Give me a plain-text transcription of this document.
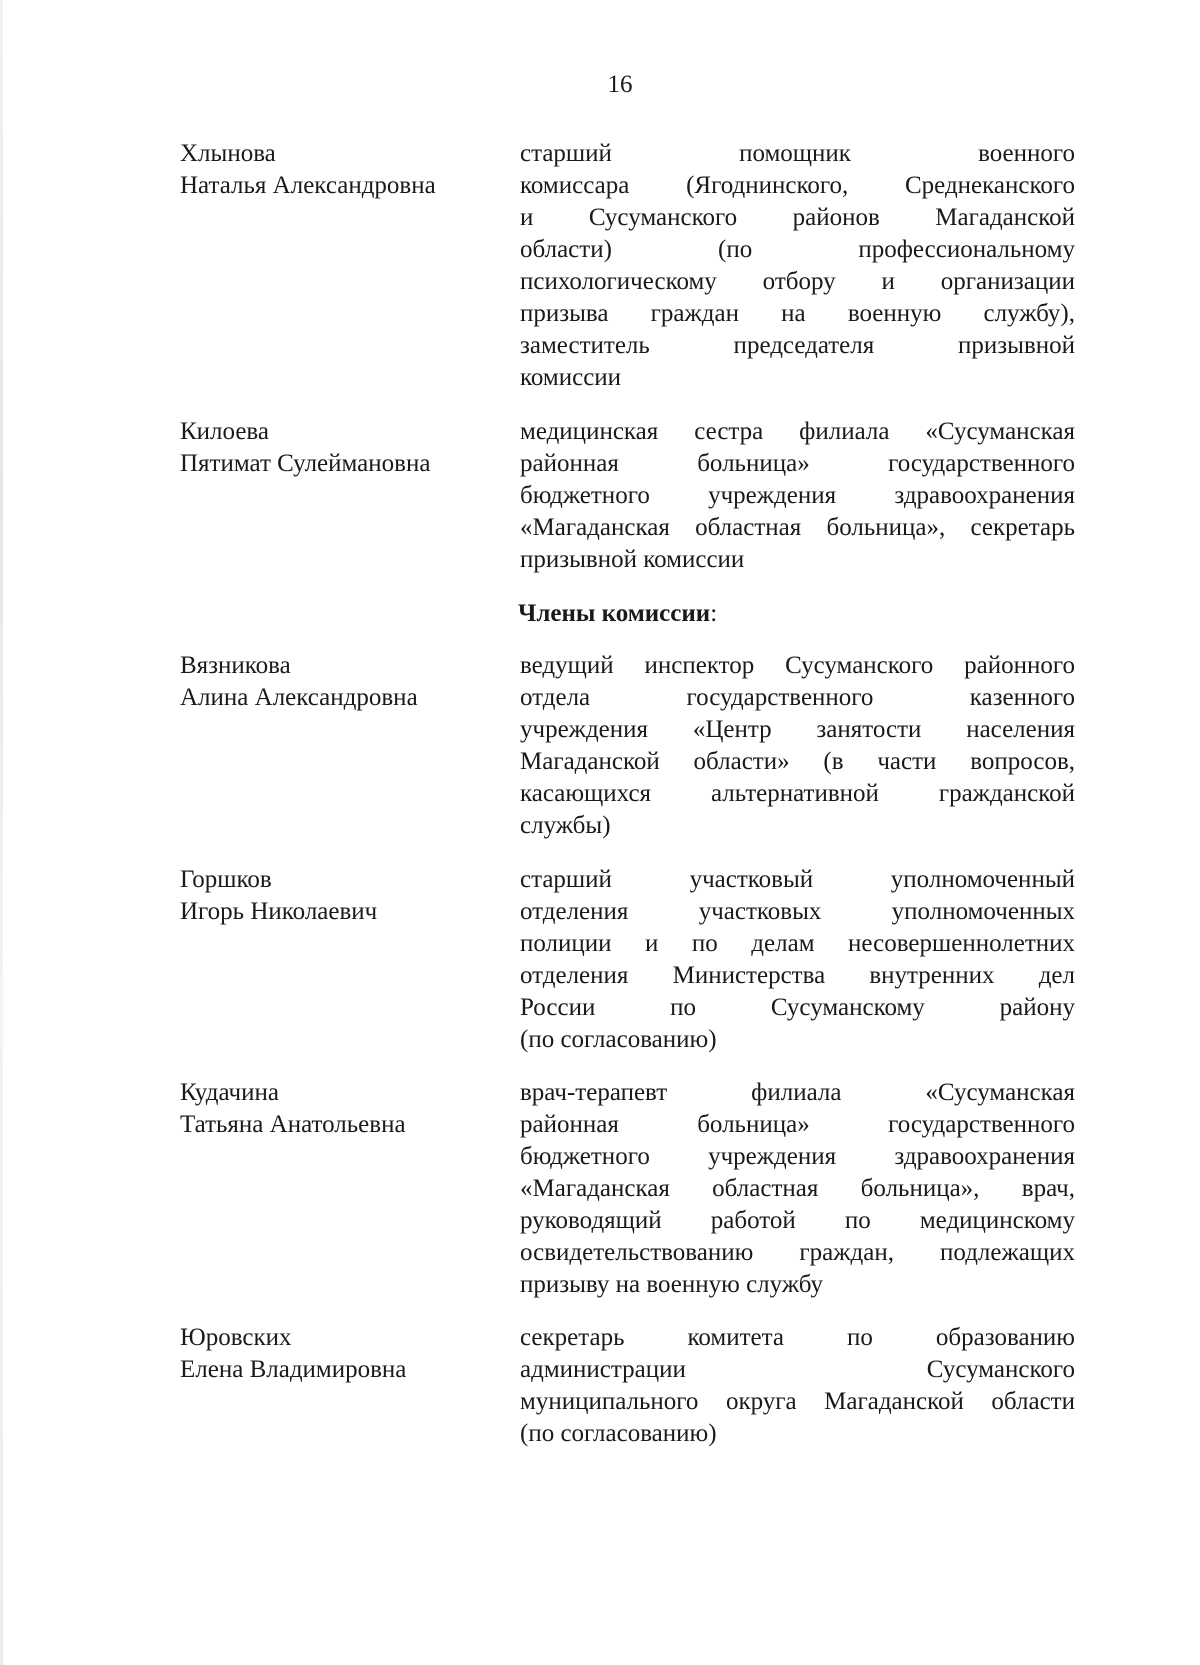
16
Хлынова
Наталья Александровна
старший помощник военного
комиссара (Ягоднинского, Среднеканского
и Сусуманского районов Магаданской
области) (по профессиональному
психологическому отбору и организации
призыва граждан на военную службу),
заместитель председателя призывной
комиссии
Килоева
Пятимат Сулеймановна
медицинская сестра филиала «Сусуманская
районная больница» государственного
бюджетного учреждения здравоохранения
«Магаданская областная больница», секретарь
призывной комиссии
Члены комиссии:
Вязникова
Алина Александровна
ведущий инспектор Сусуманского районного
отдела государственного казенного
учреждения «Центр занятости населения
Магаданской области» (в части вопросов,
касающихся альтернативной гражданской
службы)
Горшков
Игорь Николаевич
старший участковый уполномоченный
отделения участковых уполномоченных
полиции и по делам несовершеннолетних
отделения Министерства внутренних дел
России по Сусуманскому району
(по согласованию)
Кудачина
Татьяна Анатольевна
врач-терапевт филиала «Сусуманская
районная больница» государственного
бюджетного учреждения здравоохранения
«Магаданская областная больница», врач,
руководящий работой по медицинскому
освидетельствованию граждан, подлежащих
призыву на военную службу
Юровских
Елена Владимировна
секретарь комитета по образованию
администрации Сусуманского
муниципального округа Магаданской области
(по согласованию)
